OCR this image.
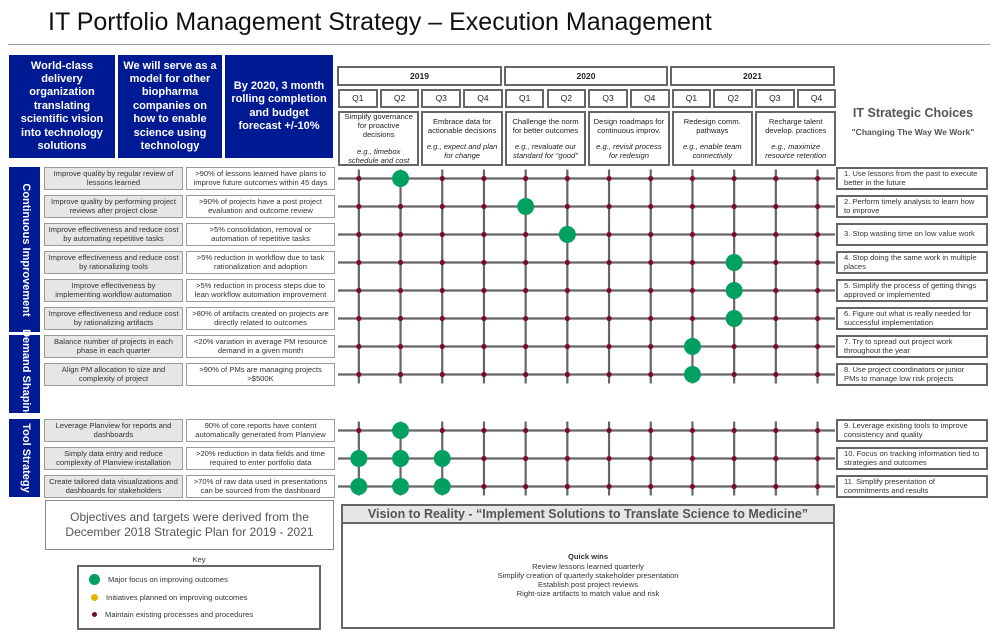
IT Portfolio Management Strategy – Execution Management
World-class delivery organization translating scientific vision into technology solutions
We will serve as a model for other biopharma companies on how to enable science using technology
By 2020, 3 month rolling completion and budget forecast +/-10%
2019	2020	2021
Q1	Q2	Q3	Q4	Q1	Q2	Q3	Q4	Q1	Q2	Q3	Q4
Simplify governance for proactive decisions
e.g., timebox schedule and cost
Embrace data for actionable decisions
e.g., expect and plan for change
Challenge the norm for better outcomes
e.g., revaluate our standard for "good"
Design roadmaps for continuous improv.
e.g., revisit process for redesign
Redesign comm. pathways
e.g., enable team connectivity
Recharge talent develop. practices
e.g., maximize resource retention
IT Strategic Choices
"Changing The Way We Work"
Continuous Improvement
Demand Shaping
Tool Strategy
Improve quality by regular review of lessons learned
>90% of lessons learned have plans to improve future outcomes within 45 days
1. Use lessons from the past to execute better in the future
Improve quality by performing project reviews after project close
>90% of projects have a post project evaluation and outcome review
2. Perform timely analysis to learn how to improve
Improve effectiveness and reduce cost by automating repetitive tasks
>5% consolidation, removal or automation of repetitive tasks	3. Stop wasting time on low value work
Improve effectiveness and reduce cost by rationalizing tools
>5% reduction in workflow due to task rationalization and adoption
4. Stop doing the same work in multiple places
Improve effectiveness by implementing workflow automation
>5% reduction in process steps due to lean workflow automation improvement
5. Simplify the process of getting things approved or implemented
Improve effectiveness and reduce cost by rationalizing artifacts
>80% of artifacts created on projects are directly related to outcomes
6. Figure out what is really needed for successful implementation
Balance number of projects in each phase in each quarter
<20% variation in average PM resource demand in a given month
7. Try to spread out project work throughout the year
Align PM allocation to size and complexity of project
>90% of PMs are managing projects >$500K
8. Use project coordinators or junior PMs to manage low risk projects
Leverage Planview for reports and dashboards
90% of core reports have content automatically generated from Planview
9. Leverage existing tools to improve consistency and quality
Simply data entry and reduce complexity of Planview installation
>20% reduction in data fields and time required to enter portfolio data
10. Focus on tracking information tied to strategies and outcomes
Create tailored data visualizations and dashboards for stakeholders
>70% of raw data used in presentations can be sourced from the dashboard
11. Simplify presentation of commitments and results
Objectives and targets were derived from the December 2018 Strategic Plan for 2019 - 2021
Vision to Reality - “Implement Solutions to Translate Science to Medicine”
Quick wins
Review lessons learned quarterly
Simplify creation of quarterly stakeholder presentation
Establish post project reviews
Right-size artifacts to match value and risk
Key
Major focus on improving outcomes
Initiatives planned on improving outcomes
Maintain existing processes and procedures
